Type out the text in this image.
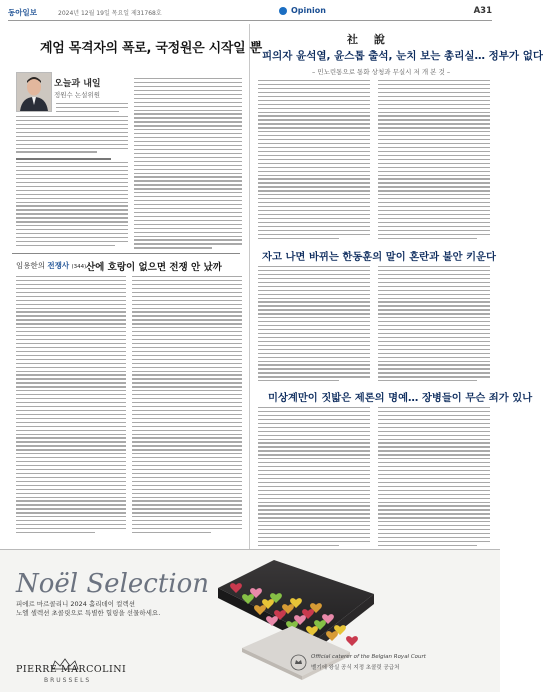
동아일보	2024년 12월 19일 목요일 제31768호	Opinion	A31
계엄 목격자의 폭로, 국정원은 시작일 뿐
오늘과 내일
정원수 논설위원
임용한의 전쟁사 (344) 산에 호랑이 없으면 전쟁 안 났까
社 說
피의자 윤석열, 윤스톱 출석, 눈치 보는 총리실… 정부가 없다
– 민노린통으로 통화 상청과 무실시 저 개 본 것 –
자고 나면 바뀌는 한동훈의 말이 혼란과 불안 키운다
미상계만이 짓밟은 제론의 명예… 장병들이 무슨 죄가 있나
Noël Selection
피에르 마르콜리니 2024 홀리데이 컬렉션
노엘 셀렉션 초콜릿으로 특별한 힐링을 선물하세요.
PIERRE MARCOLINI
BRUSSELS
Official caterer of the Belgian Royal Court
벨기에 왕실 공식 지정 초콜릿 공급처
